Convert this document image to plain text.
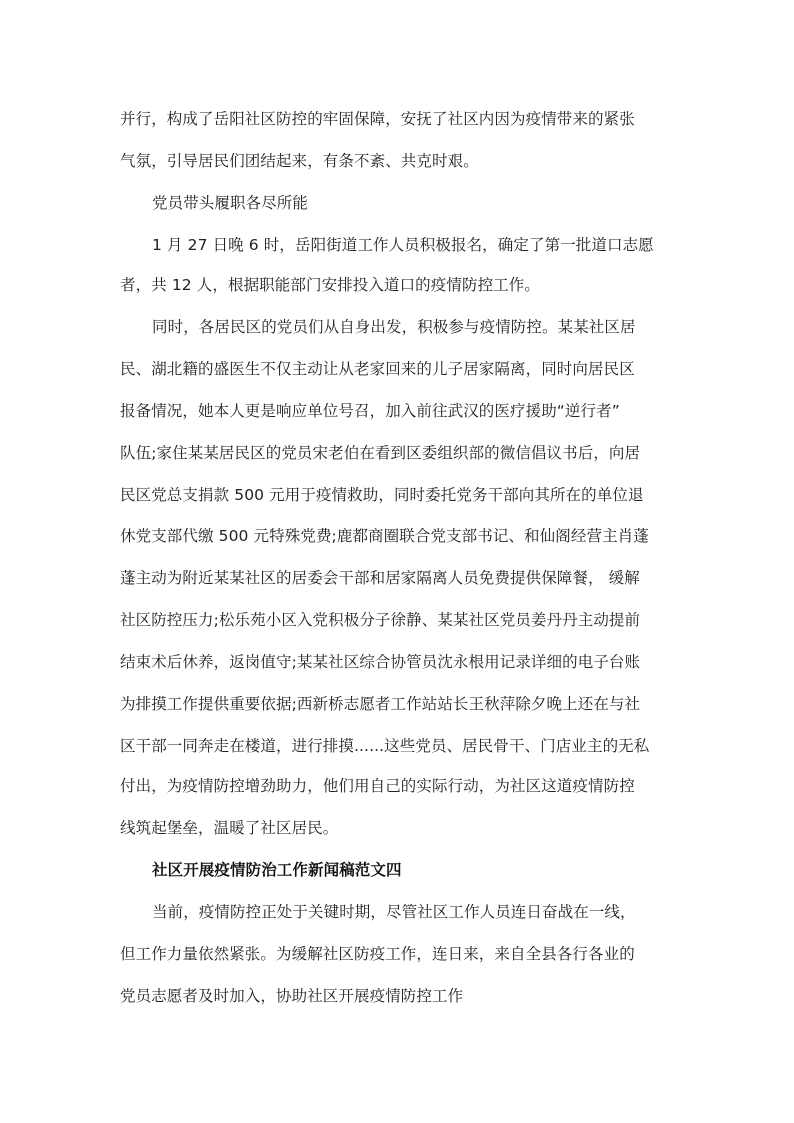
并行，构成了岳阳社区防控的牢固保障，安抚了社区内因为疫情带来的紧张
气氛，引导居民们团结起来，有条不紊、共克时艰。
党员带头履职各尽所能
1 月 27 日晚 6 时，岳阳街道工作人员积极报名，确定了第一批道口志愿
者，共 12 人，根据职能部门安排投入道口的疫情防控工作。
同时，各居民区的党员们从自身出发，积极参与疫情防控。某某社区居
民、湖北籍的盛医生不仅主动让从老家回来的儿子居家隔离，同时向居民区
报备情况，她本人更是响应单位号召，加入前往武汉的医疗援助“逆行者”
队伍;家住某某居民区的党员宋老伯在看到区委组织部的微信倡议书后，向居
民区党总支捐款 500 元用于疫情救助，同时委托党务干部向其所在的单位退
休党支部代缴 500 元特殊党费;鹿都商圈联合党支部书记、和仙阁经营主肖蓬
蓬主动为附近某某社区的居委会干部和居家隔离人员免费提供保障餐， 缓解
社区防控压力;松乐苑小区入党积极分子徐静、某某社区党员姜丹丹主动提前
结束术后休养，返岗值守;某某社区综合协管员沈永根用记录详细的电子台账
为排摸工作提供重要依据;西新桥志愿者工作站站长王秋萍除夕晚上还在与社
区干部一同奔走在楼道，进行排摸......这些党员、居民骨干、门店业主的无私
付出，为疫情防控增劲助力，他们用自己的实际行动，为社区这道疫情防控
线筑起堡垒，温暖了社区居民。
社区开展疫情防治工作新闻稿范文四
当前，疫情防控正处于关键时期，尽管社区工作人员连日奋战在一线，
但工作力量依然紧张。为缓解社区防疫工作，连日来，来自全县各行各业的
党员志愿者及时加入，协助社区开展疫情防控工作
